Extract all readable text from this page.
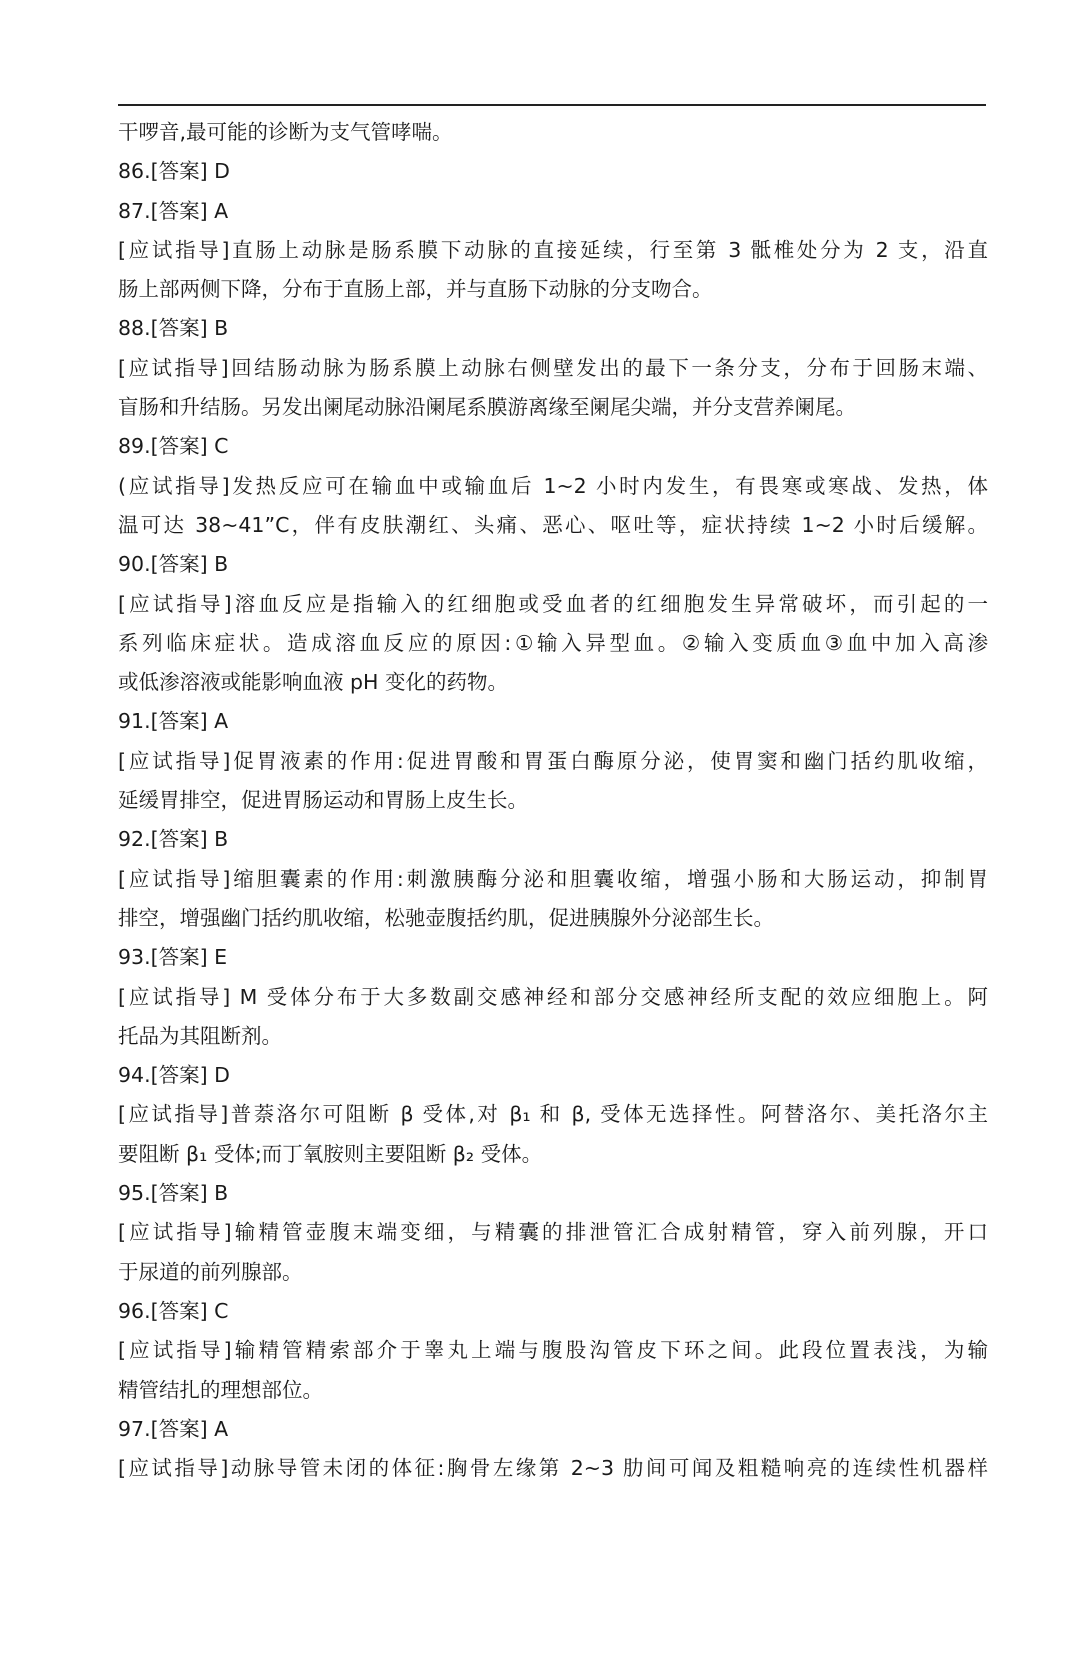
干啰音,最可能的诊断为支气管哮喘。
86.[答案] D
87.[答案] A
[应试指导]直肠上动脉是肠系膜下动脉的直接延续，行至第 3 骶椎处分为 2 支，沿直
肠上部两侧下降，分布于直肠上部，并与直肠下动脉的分支吻合。
88.[答案] B
[应试指导]回结肠动脉为肠系膜上动脉右侧壁发出的最下一条分支，分布于回肠末端、
盲肠和升结肠。另发出阑尾动脉沿阑尾系膜游离缘至阑尾尖端，并分支营养阑尾。
89.[答案] C
(应试指导]发热反应可在输血中或输血后 1~2 小时内发生，有畏寒或寒战、发热，体
温可达 38~41”C，伴有皮肤潮红、头痛、恶心、呕吐等，症状持续 1~2 小时后缓解。
90.[答案] B
[应试指导]溶血反应是指输入的红细胞或受血者的红细胞发生异常破坏，而引起的一
系列临床症状。造成溶血反应的原因:①输入异型血。②输入变质血③血中加入高渗
或低渗溶液或能影响血液 pH 变化的药物。
91.[答案] A
[应试指导]促胃液素的作用:促进胃酸和胃蛋白酶原分泌，使胃窦和幽门括约肌收缩，
延缓胃排空，促进胃肠运动和胃肠上皮生长。
92.[答案] B
[应试指导]缩胆囊素的作用:刺激胰酶分泌和胆囊收缩，增强小肠和大肠运动，抑制胃
排空，增强幽门括约肌收缩，松驰壶腹括约肌，促进胰腺外分泌部生长。
93.[答案] E
[应试指导] M 受体分布于大多数副交感神经和部分交感神经所支配的效应细胞上。阿
托品为其阻断剂。
94.[答案] D
[应试指导]普萘洛尔可阻断 β 受体,对 β₁ 和 β, 受体无选择性。阿替洛尔、美托洛尔主
要阻断 β₁ 受体;而丁氧胺则主要阻断 β₂ 受体。
95.[答案] B
[应试指导]输精管壶腹末端变细，与精囊的排泄管汇合成射精管，穿入前列腺，开口
于尿道的前列腺部。
96.[答案] C
[应试指导]输精管精索部介于睾丸上端与腹股沟管皮下环之间。此段位置表浅，为输
精管结扎的理想部位。
97.[答案] A
[应试指导]动脉导管未闭的体征:胸骨左缘第 2~3 肋间可闻及粗糙响亮的连续性机器样
